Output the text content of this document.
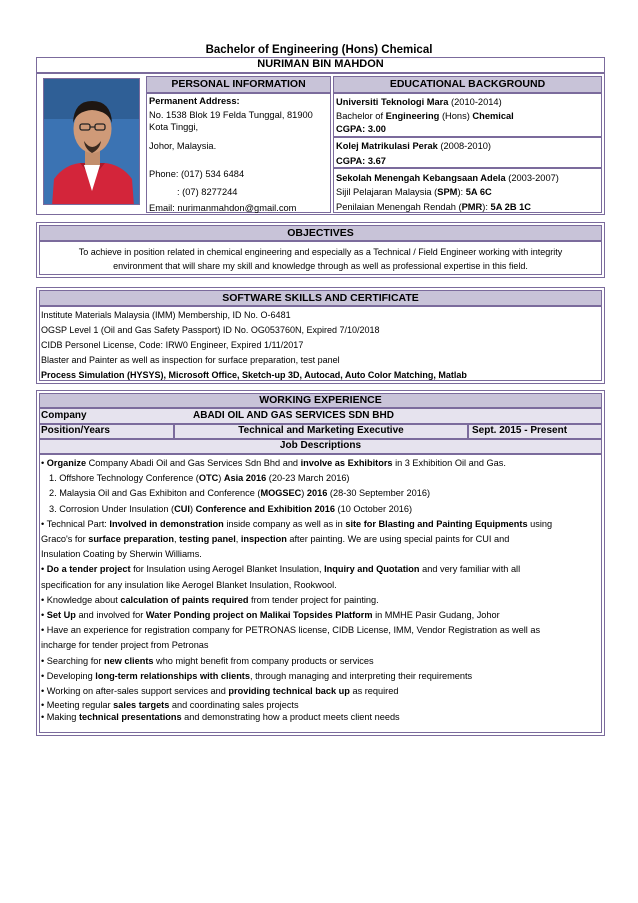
Bachelor of Engineering (Hons) Chemical
NURIMAN BIN MAHDON
PERSONAL INFORMATION	EDUCATIONAL BACKGROUND
Permanent Address:
No. 1538 Blok 19 Felda Tunggal, 81900
Kota Tinggi,
Johor, Malaysia.
Phone: (017) 534 6484
: (07) 8277244
Email: nurimanmahdon@gmail.com
Universiti Teknologi Mara (2010-2014)
Bachelor of Engineering (Hons) Chemical
CGPA: 3.00
Kolej Matrikulasi Perak (2008-2010)
CGPA: 3.67
Sekolah Menengah Kebangsaan Adela (2003-2007)
Sijil Pelajaran Malaysia (SPM): 5A 6C
Penilaian Menengah Rendah (PMR): 5A 2B 1C
OBJECTIVES
To achieve in position related in chemical engineering and especially as a Technical / Field Engineer working with integrity
environment that will share my skill and knowledge through as well as professional expertise in this field.
SOFTWARE SKILLS AND CERTIFICATE
Institute Materials Malaysia (IMM) Membership, ID No. O-6481
OGSP Level 1 (Oil and Gas Safety Passport) ID No. OG053760N, Expired 7/10/2018
CIDB Personel License, Code: IRW0 Engineer, Expired 1/11/2017
Blaster and Painter as well as inspection for surface preparation, test panel
Process Simulation (HYSYS), Microsoft Office, Sketch-up 3D, Autocad, Auto Color Matching, Matlab
WORKING EXPERIENCE
Company	ABADI OIL AND GAS SERVICES SDN BHD
Position/Years	Technical and Marketing Executive	Sept. 2015 - Present
Job Descriptions
• Organize Company Abadi Oil and Gas Services Sdn Bhd and involve as Exhibitors in 3 Exhibition Oil and Gas.
1. Offshore Technology Conference (OTC) Asia 2016 (20-23 March 2016)
2. Malaysia Oil and Gas Exhibiton and Conference (MOGSEC) 2016 (28-30 September 2016)
3. Corrosion Under Insulation (CUI) Conference and Exhibition 2016 (10 October 2016)
• Technical Part: Involved in demonstration inside company as well as in site for Blasting and Painting Equipments using
Graco's for surface preparation, testing panel, inspection after painting. We are using special paints for CUI and
Insulation Coating by Sherwin Williams.
• Do a tender project for Insulation using Aerogel Blanket Insulation, Inquiry and Quotation and very familiar with all
specification for any insulation like Aerogel Blanket Insulation, Rookwool.
• Knowledge about calculation of paints required from tender project for painting.
• Set Up and involved for Water Ponding project on Malikai Topsides Platform in MMHE Pasir Gudang, Johor
• Have an experience for registration company for PETRONAS license, CIDB License, IMM, Vendor Registration as well as
incharge for tender project from Petronas
• Searching for new clients who might benefit from company products or services
• Developing long-term relationships with clients, through managing and interpreting their requirements
• Working on after-sales support services and providing technical back up as required
• Meeting regular sales targets and coordinating sales projects
• Making technical presentations and demonstrating how a product meets client needs
